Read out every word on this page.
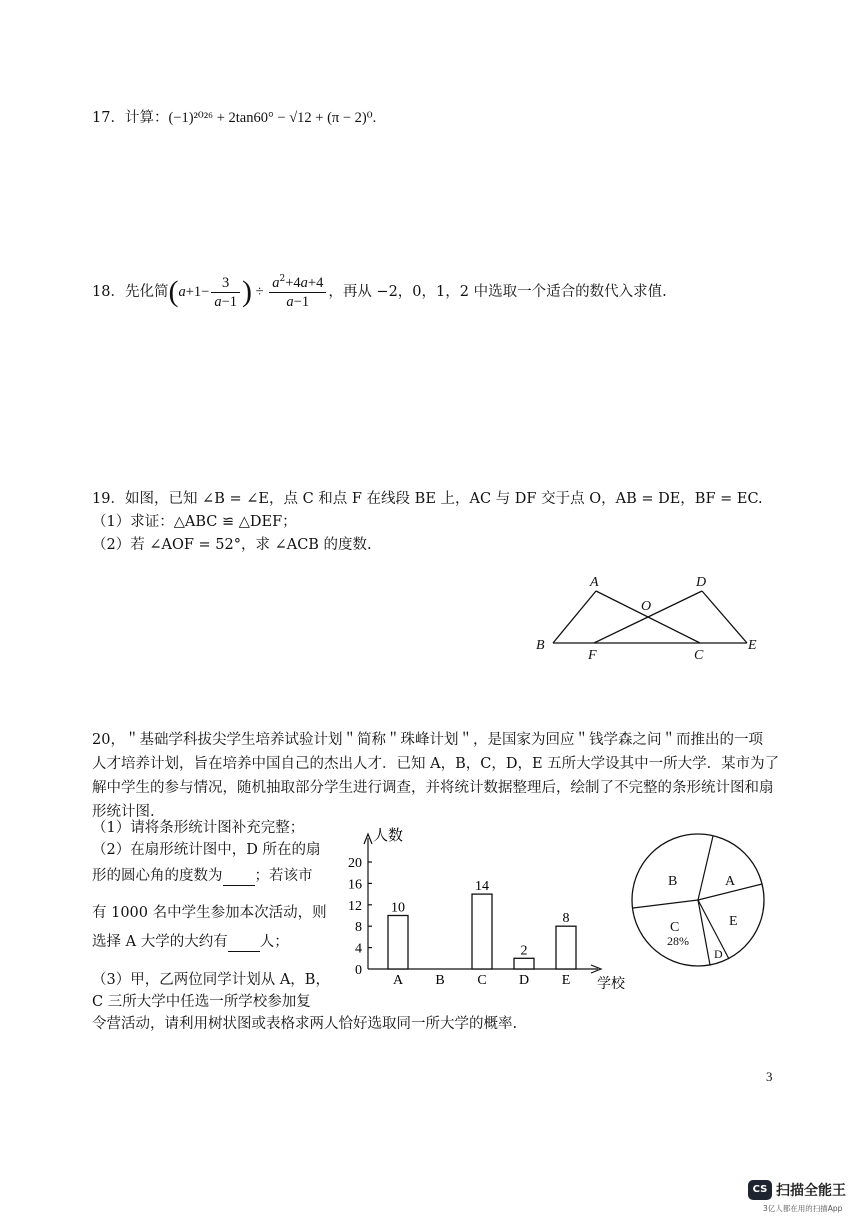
17．计算：(−1)²⁰²⁶ + 2tan60° − √12 + (π − 2)⁰.
18．先化简($a+1- \frac{3}{a-1}$ ) ÷ $\frac{a^2+4a+4}{a-1}$ ，再从 −2，0，1，2 中选取一个适合的数代入求值.
19．如图，已知 ∠B = ∠E，点 C 和点 F 在线段 BE 上，AC 与 DF 交于点 O，AB = DE，BF = EC.
（1）求证：△ABC ≌ △DEF；
（2）若 ∠AOF = 52°，求 ∠ACB 的度数.
A	D
O
B
F	C
E
20，＂基础学科拔尖学生培养试验计划＂简称＂珠峰计划＂，是国家为回应＂钱学森之问＂而推出的一项
人才培养计划，旨在培养中国自己的杰出人才．已知 A，B，C，D，E 五所大学设其中一所大学．某市为了
解中学生的参与情况，随机抽取部分学生进行调查，并将统计数据整理后，绘制了不完整的条形统计图和扇
形统计图.
（1）请将条形统计图补充完整；
（2）在扇形统计图中，D 所在的扇
形的圆心角的度数为 ；若该市
有 1000 名中学生参加本次活动，则
选择 A 大学的大约有 人；
（3）甲，乙两位同学计划从 A，B，
C 三所大学中任选一所学校参加复
令营活动，请利用树状图或表格求两人恰好选取同一所大学的概率.
人数
学校
0
4
8
12
16
20
A
10
B C
14
D
2
E
8
A
B
C
28%
D
E
3
CS 扫描全能王
3亿人都在用的扫描App
